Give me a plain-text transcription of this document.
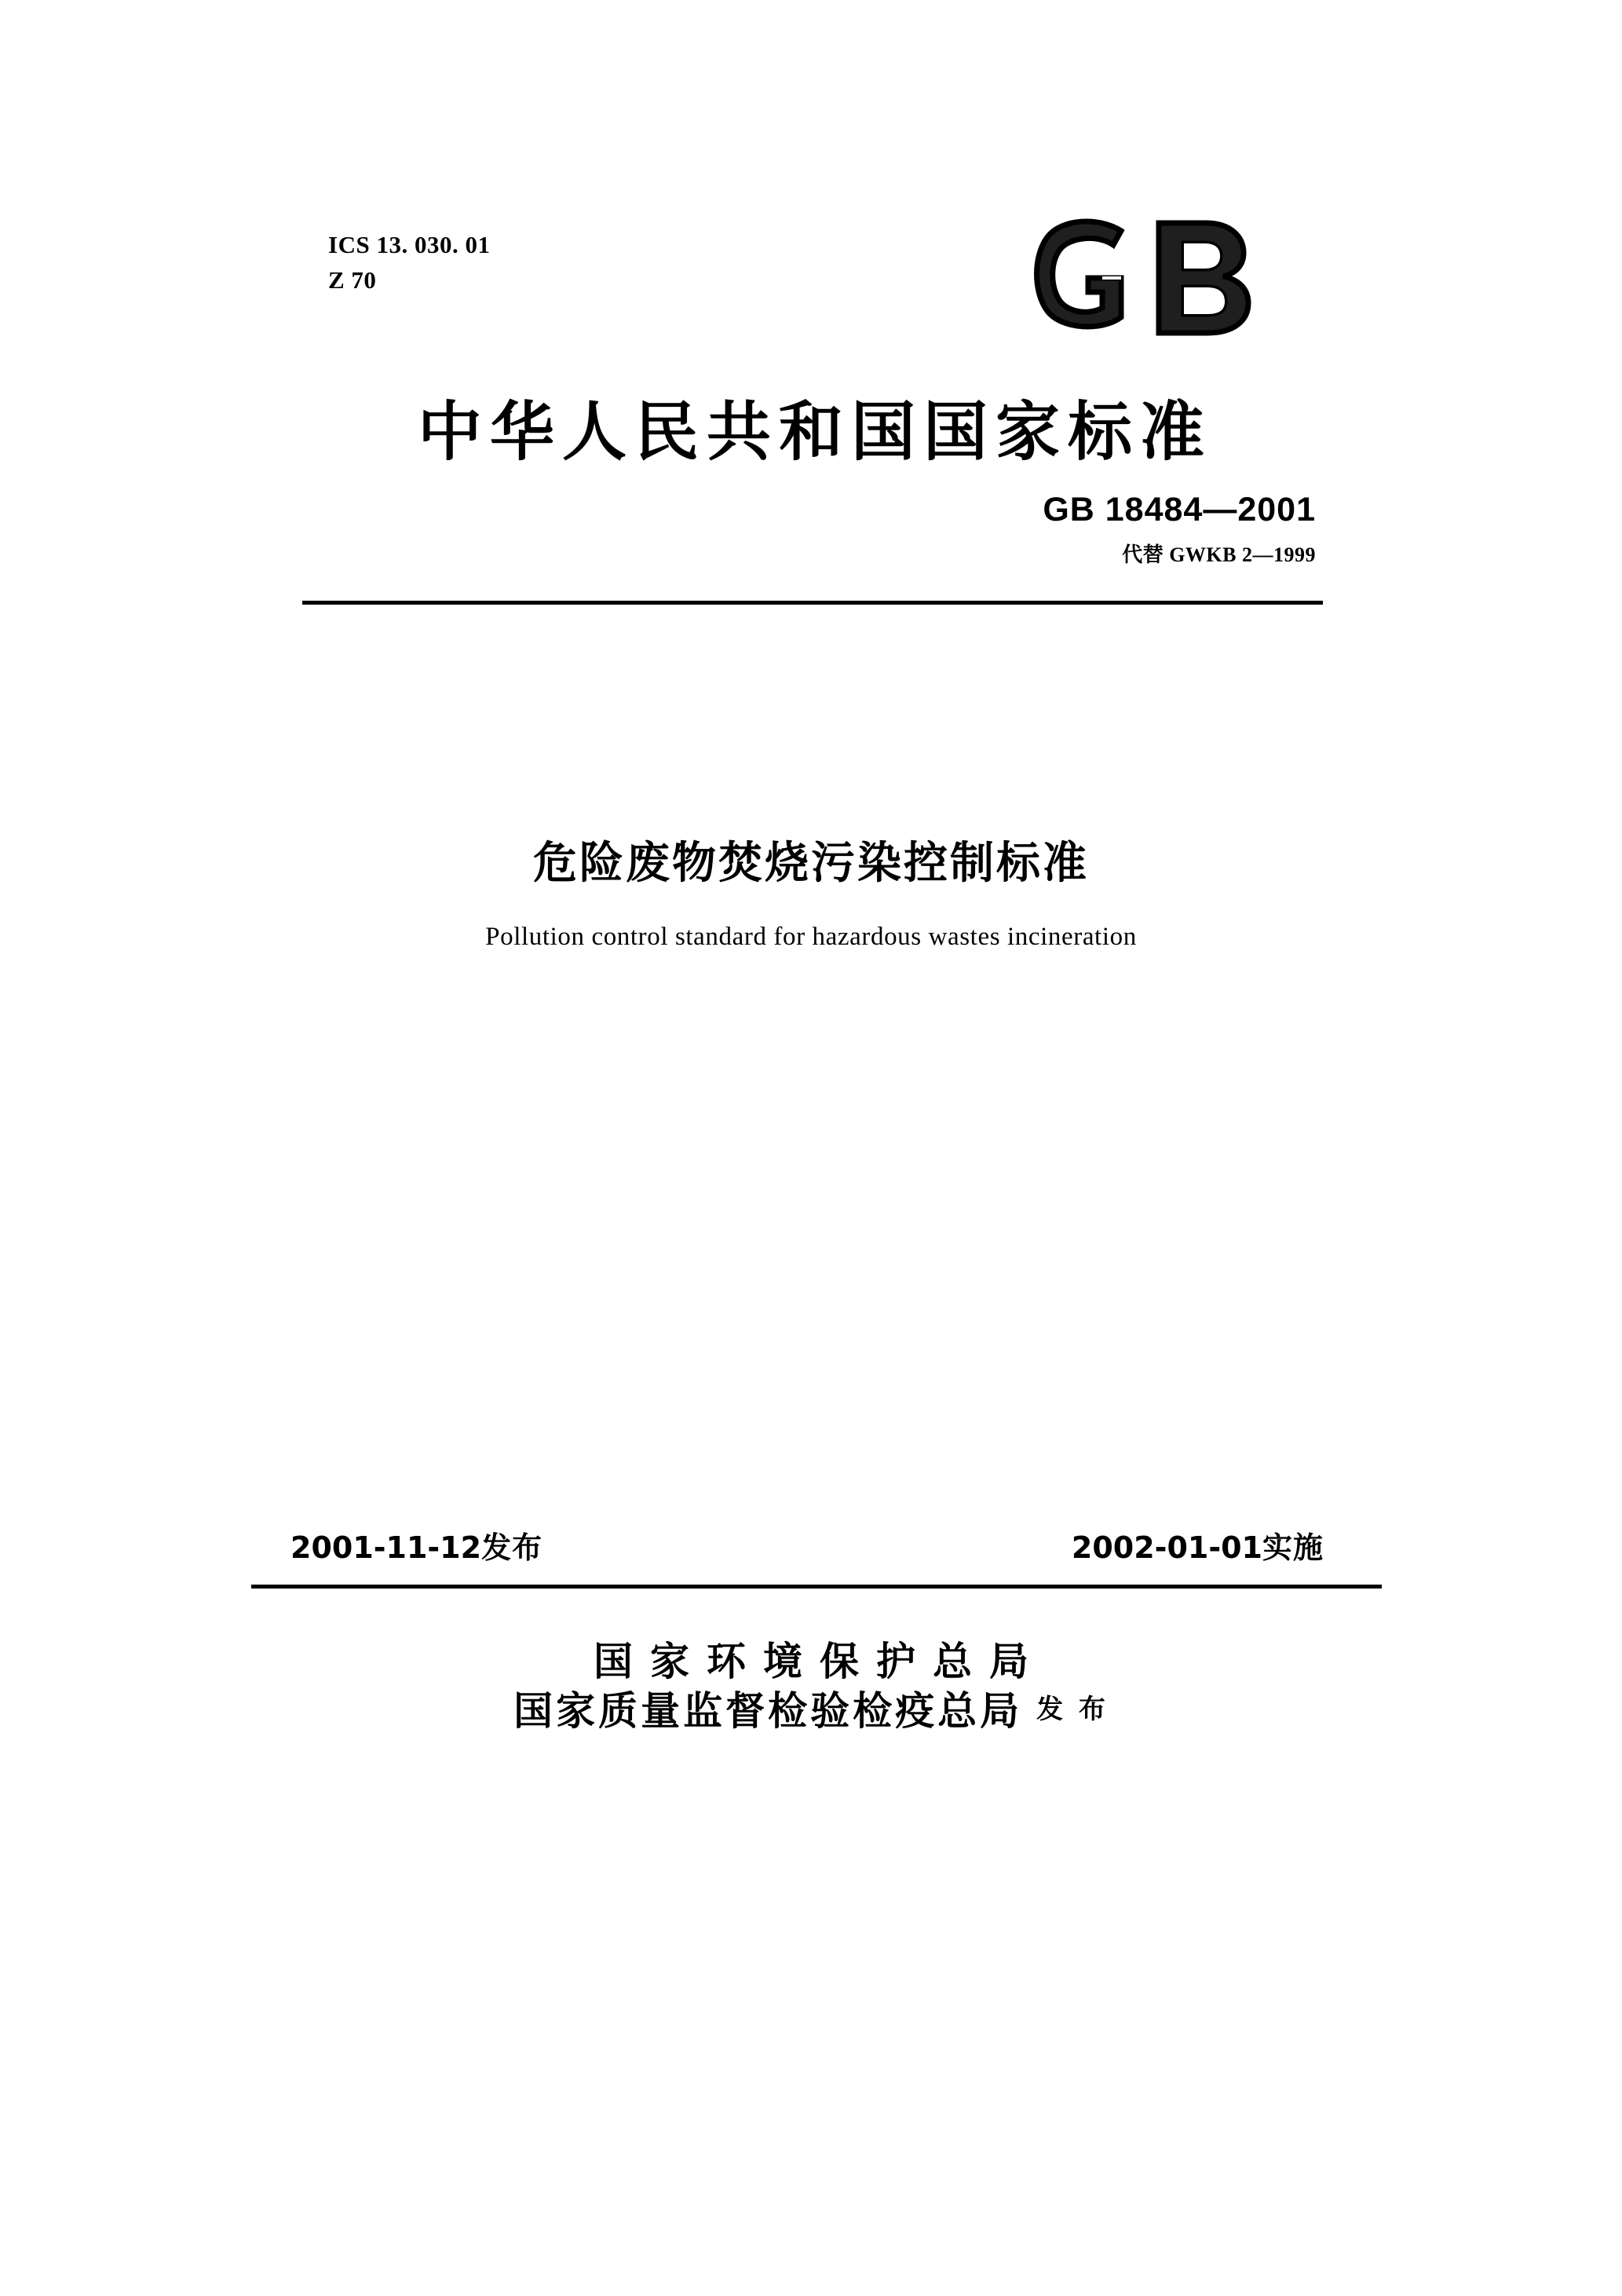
ICS 13. 030. 01
Z 70
中华人民共和国国家标准
GB 18484—2001
代替 GWKB 2—1999
危险废物焚烧污染控制标准
Pollution control standard for hazardous wastes incineration
2001-11-12发布	2002-01-01实施
国家环境保护总局
国家质量监督检验检疫总局 发 布
